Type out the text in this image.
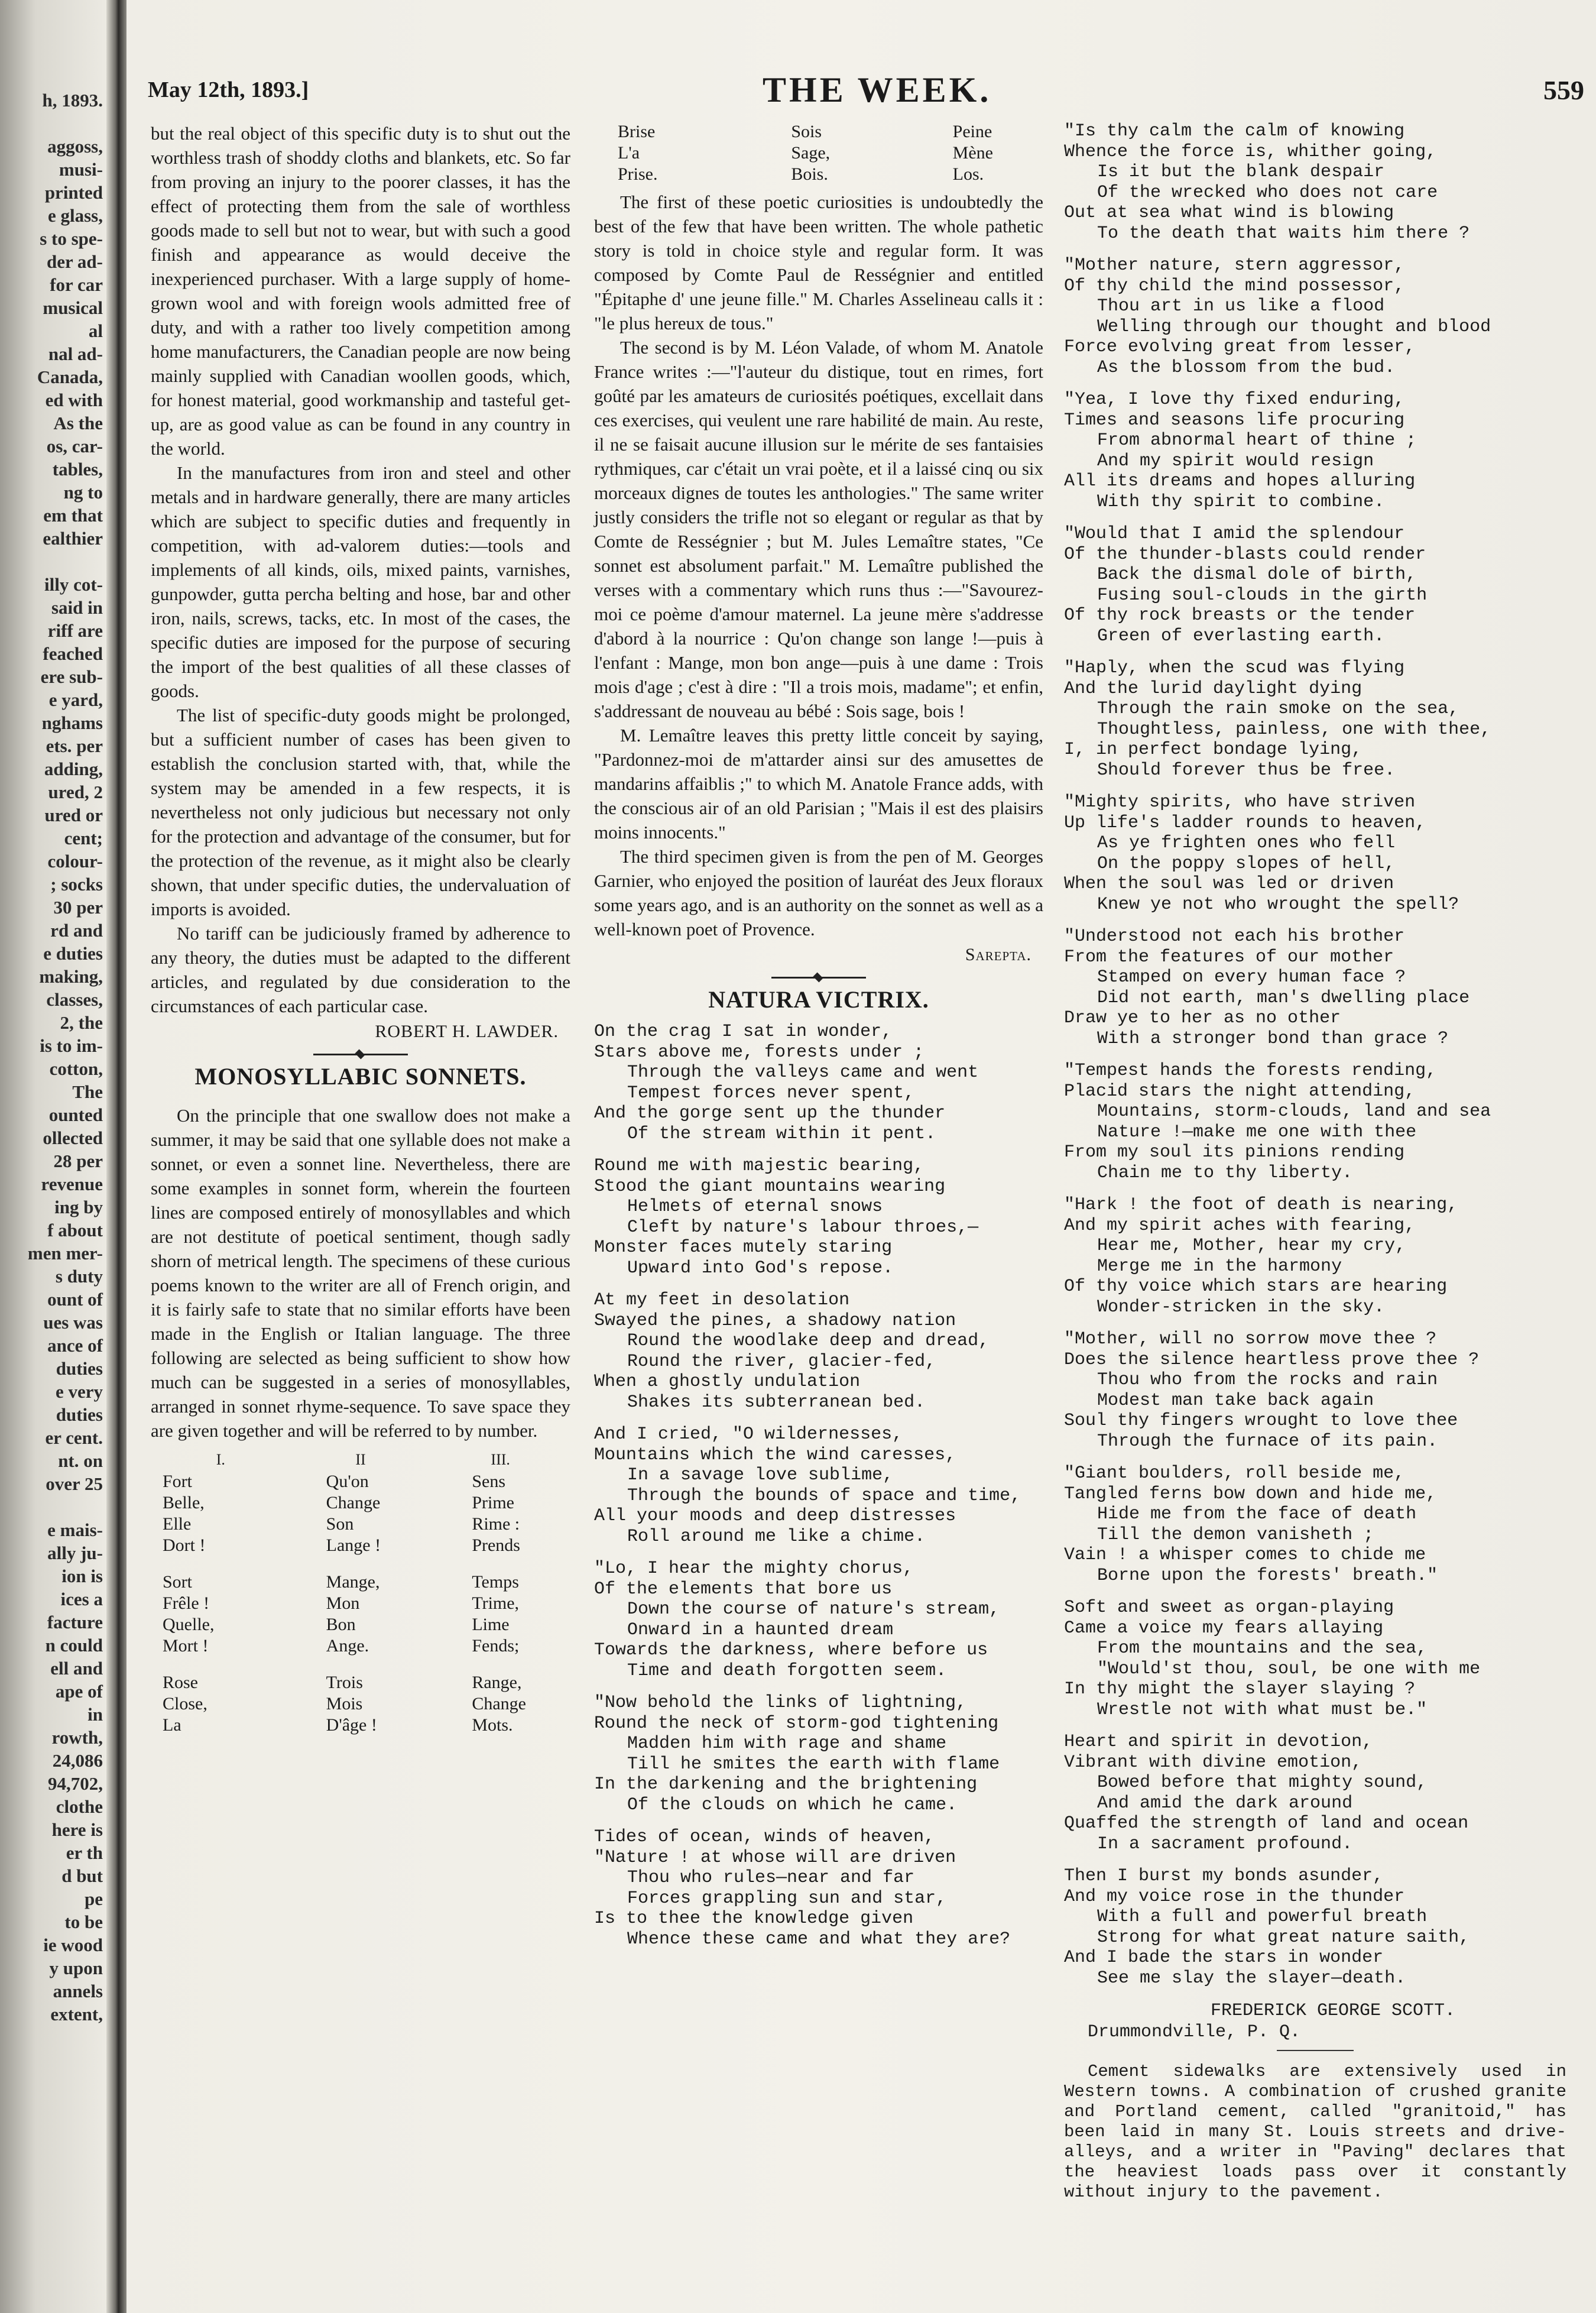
h, 1893.

aggoss,
musi-
printed
e glass,
s to spe-
der ad-
for car
musical
al
nal ad-
Canada,
ed with
As the
os, car-
tables,
ng to
em that
ealthier

illy cot-
said in
riff are
feached
ere sub-
e yard,
nghams
ets. per
adding,
ured, 2
ured or
cent;
colour-
; socks
30 per
rd and
e duties
making,
classes,
2, the
is to im-
cotton,
The
ounted
ollected
28 per
revenue
ing by
f about
men mer-
s duty
ount of
ues was
ance of
duties
e very
duties
er cent.
nt. on
over 25

e mais-
ally ju-
ion is
ices a
facture
n could
ell and
ape of
in
rowth,
24,086
94,702,
clothe
here is
er th
d but
pe
to be
ie wood
y upon
annels
extent,
May 12th, 1893.]	THE WEEK.	559

but the real object of this specific duty is to shut out the worthless trash of shoddy cloths and blankets, etc. So far from proving an injury to the poorer classes, it has the effect of protecting them from the sale of worthless goods made to sell but not to wear, but with such a good finish and appearance as would deceive the inexperienced purchaser. With a large supply of home-grown wool and with foreign wools admitted free of duty, and with a rather too lively competition among home manufacturers, the Canadian people are now being mainly supplied with Canadian woollen goods, which, for honest material, good workmanship and tasteful get-up, are as good value as can be found in any country in the world.

In the manufactures from iron and steel and other metals and in hardware generally, there are many articles which are subject to specific duties and frequently in competition, with ad-valorem duties:—tools and implements of all kinds, oils, mixed paints, varnishes, gunpowder, gutta percha belting and hose, bar and other iron, nails, screws, tacks, etc. In most of the cases, the specific duties are imposed for the purpose of securing the import of the best qualities of all these classes of goods.

The list of specific-duty goods might be prolonged, but a sufficient number of cases has been given to establish the conclusion started with, that, while the system may be amended in a few respects, it is nevertheless not only judicious but necessary not only for the protection and advantage of the consumer, but for the protection of the revenue, as it might also be clearly shown, that under specific duties, the undervaluation of imports is avoided.

No tariff can be judiciously framed by adherence to any theory, the duties must be adapted to the different articles, and regulated by due consideration to the circumstances of each particular case.

ROBERT H. LAWDER.
MONOSYLLABIC SONNETS.

On the principle that one swallow does not make a summer, it may be said that one syllable does not make a sonnet, or even a sonnet line. Nevertheless, there are some examples in sonnet form, wherein the fourteen lines are composed entirely of monosyllables and which are not destitute of poetical sentiment, though sadly shorn of metrical length. The specimens of these curious poems known to the writer are all of French origin, and it is fairly safe to state that no similar efforts have been made in the English or Italian language. The three following are selected as being sufficient to show how much can be suggested in a series of monosyllables, arranged in sonnet rhyme-sequence. To save space they are given together and will be referred to by number.

I.	II	III.
Fort	Qu'on	Sens
Belle,	Change	Prime
Elle	Son	Rime :
Dort !	Lange !	Prends

Sort	Mange,	Temps
Frêle !	Mon	Trime,
Quelle,	Bon	Lime
Mort !	Ange.	Fends;

Rose	Trois	Range,
Close,	Mois	Change
La	D'âge !	Mots.
Brise	Sois	Peine
L'a	Sage,	Mène
Prise.	Bois.	Los.

The first of these poetic curiosities is undoubtedly the best of the few that have been written. The whole pathetic story is told in choice style and regular form. It was composed by Comte Paul de Rességnier and entitled "Épitaphe d' une jeune fille." M. Charles Asselineau calls it : "le plus hereux de tous."

The second is by M. Léon Valade, of whom M. Anatole France writes :—"l'auteur du distique, tout en rimes, fort goûté par les amateurs de curiosités poétiques, excellait dans ces exercises, qui veulent une rare habilité de main. Au reste, il ne se faisait aucune illusion sur le mérite de ses fantaisies rythmiques, car c'était un vrai poète, et il a laissé cinq ou six morceaux dignes de toutes les anthologies." The same writer justly considers the trifle not so elegant or regular as that by Comte de Rességnier ; but M. Jules Lemaître states, "Ce sonnet est absolument parfait." M. Lemaître published the verses with a commentary which runs thus :—"Savourez-moi ce poème d'amour maternel. La jeune mère s'addresse d'abord à la nourrice : Qu'on change son lange !—puis à l'enfant : Mange, mon bon ange—puis à une dame : Trois mois d'age ; c'est à dire : "Il a trois mois, madame"; et enfin, s'addressant de nouveau au bébé : Sois sage, bois !

M. Lemaître leaves this pretty little conceit by saying, "Pardonnez-moi de m'attarder ainsi sur des amusettes de mandarins affaiblis ;" to which M. Anatole France adds, with the conscious air of an old Parisian ; "Mais il est des plaisirs moins innocents."

The third specimen given is from the pen of M. Georges Garnier, who enjoyed the position of lauréat des Jeux floraux some years ago, and is an authority on the sonnet as well as a well-known poet of Provence.

Sarepta.
NATURA VICTRIX.
On the crag I sat in wonder,
Stars above me, forests under ;
Through the valleys came and went
Tempest forces never spent,
And the gorge sent up the thunder
Of the stream within it pent.
Round me with majestic bearing,
Stood the giant mountains wearing
Helmets of eternal snows
Cleft by nature's labour throes,—
Monster faces mutely staring
Upward into God's repose.
At my feet in desolation
Swayed the pines, a shadowy nation
Round the woodlake deep and dread,
Round the river, glacier-fed,
When a ghostly undulation
Shakes its subterranean bed.
And I cried, "O wildernesses,
Mountains which the wind caresses,
In a savage love sublime,
Through the bounds of space and time,
All your moods and deep distresses
Roll around me like a chime.
"Lo, I hear the mighty chorus,
Of the elements that bore us
Down the course of nature's stream,
Onward in a haunted dream
Towards the darkness, where before us
Time and death forgotten seem.
"Now behold the links of lightning,
Round the neck of storm-god tightening
Madden him with rage and shame
Till he smites the earth with flame
In the darkening and the brightening
Of the clouds on which he came.
Tides of ocean, winds of heaven,
"Nature ! at whose will are driven
Thou who rules—near and far
Forces grappling sun and star,
Is to thee the knowledge given
Whence these came and what they are?
"Is thy calm the calm of knowing
Whence the force is, whither going,
Is it but the blank despair
Of the wrecked who does not care
Out at sea what wind is blowing
To the death that waits him there ?
"Mother nature, stern aggressor,
Of thy child the mind possessor,
Thou art in us like a flood
Welling through our thought and blood
Force evolving great from lesser,
As the blossom from the bud.
"Yea, I love thy fixed enduring,
Times and seasons life procuring
From abnormal heart of thine ;
And my spirit would resign
All its dreams and hopes alluring
With thy spirit to combine.
"Would that I amid the splendour
Of the thunder-blasts could render
Back the dismal dole of birth,
Fusing soul-clouds in the girth
Of thy rock breasts or the tender
Green of everlasting earth.
"Haply, when the scud was flying
And the lurid daylight dying
Through the rain smoke on the sea,
Thoughtless, painless, one with thee,
I, in perfect bondage lying,
Should forever thus be free.
"Mighty spirits, who have striven
Up life's ladder rounds to heaven,
As ye frighten ones who fell
On the poppy slopes of hell,
When the soul was led or driven
Knew ye not who wrought the spell?
"Understood not each his brother
From the features of our mother
Stamped on every human face ?
Did not earth, man's dwelling place
Draw ye to her as no other
With a stronger bond than grace ?
"Tempest hands the forests rending,
Placid stars the night attending,
Mountains, storm-clouds, land and sea
Nature !—make me one with thee
From my soul its pinions rending
Chain me to thy liberty.
"Hark ! the foot of death is nearing,
And my spirit aches with fearing,
Hear me, Mother, hear my cry,
Merge me in the harmony
Of thy voice which stars are hearing
Wonder-stricken in the sky.
"Mother, will no sorrow move thee ?
Does the silence heartless prove thee ?
Thou who from the rocks and rain
Modest man take back again
Soul thy fingers wrought to love thee
Through the furnace of its pain.
"Giant boulders, roll beside me,
Tangled ferns bow down and hide me,
Hide me from the face of death
Till the demon vanisheth ;
Vain ! a whisper comes to chide me
Borne upon the forests' breath."
Soft and sweet as organ-playing
Came a voice my fears allaying
From the mountains and the sea,
"Would'st thou, soul, be one with me
In thy might the slayer slaying ?
Wrestle not with what must be."
Heart and spirit in devotion,
Vibrant with divine emotion,
Bowed before that mighty sound,
And amid the dark around
Quaffed the strength of land and ocean
In a sacrament profound.
Then I burst my bonds asunder,
And my voice rose in the thunder
With a full and powerful breath
Strong for what great nature saith,
And I bade the stars in wonder
See me slay the slayer—death.
FREDERICK GEORGE SCOTT.
Drummondville, P. Q.

Cement sidewalks are extensively used in Western towns. A combination of crushed granite and Portland cement, called "granitoid," has been laid in many St. Louis streets and drive-alleys, and a writer in "Paving" declares that the heaviest loads pass over it constantly without injury to the pavement.
